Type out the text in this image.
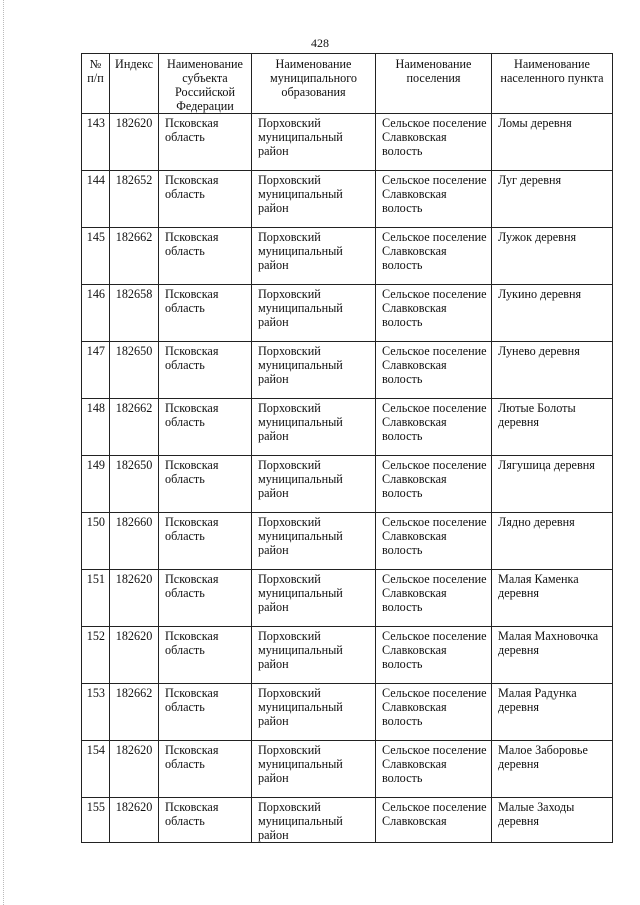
428
№ п/п	Индекс	Наименование субъекта Российской Федерации	Наименование муниципального образования	Наименование поселения	Наименование населенного пункта
143	182620	Псковская область	Порховский муниципальный район	Сельское поселение Славковская волость	Ломы деревня
144	182652	Псковская область	Порховский муниципальный район	Сельское поселение Славковская волость	Луг деревня
145	182662	Псковская область	Порховский муниципальный район	Сельское поселение Славковская волость	Лужок деревня
146	182658	Псковская область	Порховский муниципальный район	Сельское поселение Славковская волость	Лукино деревня
147	182650	Псковская область	Порховский муниципальный район	Сельское поселение Славковская волость	Лунево деревня
148	182662	Псковская область	Порховский муниципальный район	Сельское поселение Славковская волость	Лютые Болоты деревня
149	182650	Псковская область	Порховский муниципальный район	Сельское поселение Славковская волость	Лягушица деревня
150	182660	Псковская область	Порховский муниципальный район	Сельское поселение Славковская волость	Лядно деревня
151	182620	Псковская область	Порховский муниципальный район	Сельское поселение Славковская волость	Малая Каменка деревня
152	182620	Псковская область	Порховский муниципальный район	Сельское поселение Славковская волость	Малая Махновочка деревня
153	182662	Псковская область	Порховский муниципальный район	Сельское поселение Славковская волость	Малая Радунка деревня
154	182620	Псковская область	Порховский муниципальный район	Сельское поселение Славковская волость	Малое Заборовье деревня
155	182620	Псковская область	Порховский муниципальный район	Сельское поселение Славковская	Малые Заходы деревня
